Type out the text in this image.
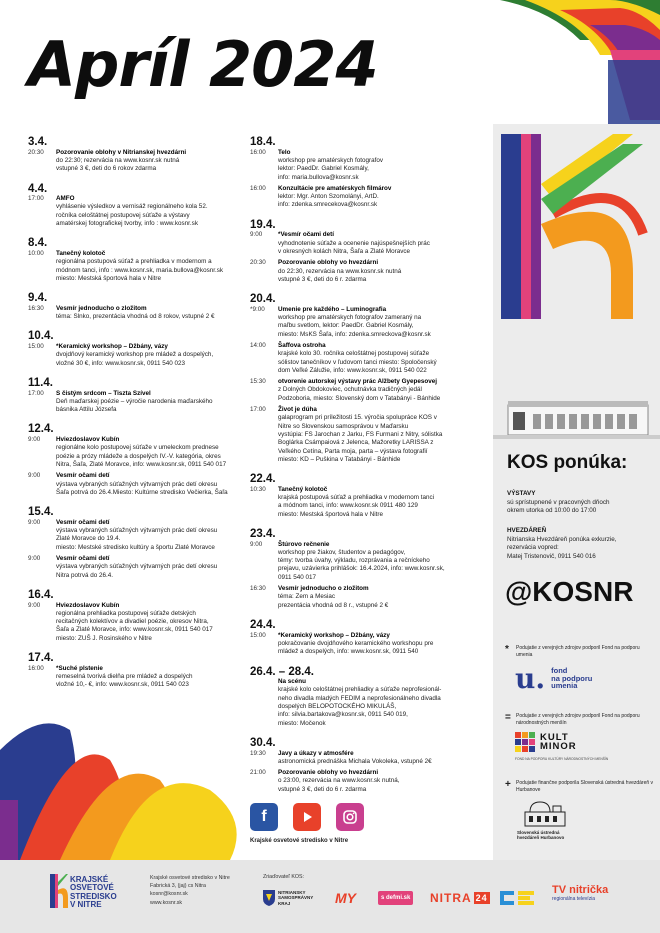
Apríl 2024
3.4.
20:30	Pozorovanie oblohy v Nitrianskej hvezdárni
do 22:30; rezervácia na www.kosnr.sk nutná
vstupné 3 €, deti do 6 rokov zdarma
4.4.
17:00	AMFO
vyhlásenie výsledkov a vernisáž regionálneho kola 52.
ročníka celoštátnej postupovej súťaže a výstavy
amatérskej fotografickej tvorby, info : www.kosnr.sk
8.4.
10:00	Tanečný kolotoč
regionálna postupová súťaž a prehliadka v modernom a
módnom tanci, info : www.kosnr.sk, maria.bullova@kosnr.sk
miesto: Mestská športová hala v Nitre
9.4.
16:30	Vesmír jednoducho o zložitom
téma: Slnko, prezentácia vhodná od 8 rokov, vstupné 2 €
10.4.
15:00	*Keramický workshop – Džbány, vázy
dvojdňový keramický workshop pre mládež a dospelých,
vložné 30 €, info: www.kosnr.sk, 0911 540 023
11.4.
17:00	S čistým srdcom – Tiszta Szível
Deň maďarskej poézie – výročie narodenia maďarského
básnika Attilu Józsefa
12.4.
9:00	Hviezdoslavov Kubín
regionálne kolo postupovej súťaže v umeleckom prednese
poézie a prózy mládeže a dospelých IV.-V. kategória, okres
Nitra, Šaľa, Zlaté Moravce, info: www.kosnr.sk, 0911 540 017
9:00	Vesmír očami detí
výstava vybraných súťažných výtvarných prác detí okresu
Šaľa potrvá do 26.4.Miesto: Kultúrne stredisko Večierka, Šaľa
15.4.
9:00	Vesmír očami detí
výstava vybraných súťažných výtvarných prác detí okresu
Zlaté Moravce do 19.4.
miesto: Mestské stredisko kultúry a športu Zlaté Moravce
9:00	Vesmír očami detí
výstava vybraných súťažných výtvarných prác detí okresu
Nitra potrvá do 26.4.
16.4.
9:00	Hviezdoslavov Kubín
regionálna prehliadka postupovej súťaže detských
recitačných kolektívov a divadiel poézie, okresov Nitra,
Šaľa a Zlaté Moravce, info: www.kosnr.sk, 0911 540 017
miesto: ZUŠ J. Rosinského v Nitre
17.4.
16:00	*Suché plstenie
remeselná tvorivá dielňa pre mládež a dospelých
vložné 10,- €, info: www.kosnr.sk, 0911 540 023
18.4.
16:00	Telo
workshop pre amatérskych fotografov
lektor: PaedDr. Gabriel Kosmály,
info: maria.bullova@kosnr.sk
16:00	Konzultácie pre amatérskych filmárov
lektor: Mgr. Anton Szomolányi, ArtD.
info: zdenka.smrecekova@kosnr.sk
19.4.
9:00	*Vesmír očami detí
vyhodnotenie súťaže a ocenenie najúspešnejších prác
v okresných kolách Nitra, Šaľa a Zlaté Moravce
20:30	Pozorovanie oblohy vo hvezdárni
do 22:30, rezervácia na www.kosnr.sk nutná
vstupné 3 €, deti do 6 r. zdarma
20.4.
*9:00	Umenie pre každého – Luminografia
workshop pre amatérskych fotografov zameraný na
maľbu svetlom, lektor: PaedDr. Gabriel Kosmály,
miesto: MsKS Šaľa, info: zdenka.smreckova@kosnr.sk
14:00	Šaffova ostroha
krajské kolo 30. ročníka celoštátnej postupovej súťaže
sólistov tanečníkov v ľudovom tanci miesto: Spoločenský
dom Veľké Zálužie, info: www.kosnr.sk, 0911 540 022
15:30	otvorenie autorskej výstavy prác Alžbety Gyepesovej
z Dolných Obdokoviec, ochutnávka tradičných jedál
Podzoboria, miesto: Slovenský dom v Tatabányi - Bánhide
17:00	Život je dúha
galaprogram pri príležitosti 15. výročia spolupráce KOS v
Nitre so Slovenskou samosprávou v Maďarsku
vystúpia: FS Jarochan z Jarku, FS Furmani z Nitry, sólistka
Boglárka Csámpaiová z Jelenca, Mažoretky LARISSA z
Veľkého Cetína, Parta moja, parta – výstava fotografií
miesto: KD – Puškina v Tatabányi - Bánhide
22.4.
10:30	Tanečný kolotoč
krajská postupová súťaž a prehliadka v modernom tanci
a módnom tanci, info: www.kosnr.sk 0911 480 129
miesto: Mestská športová hala v Nitre
23.4.
9:00	Štúrovo rečnenie
workshop pre žiakov, študentov a pedagógov,
témy: tvorba úvahy, výkladu, rozprávania a rečníckeho
prejavu, uzávierka prihlášok: 16.4.2024, info: www.kosnr.sk,
0911 540 017
16:30	Vesmír jednoducho o zložitom
téma: Zem a Mesiac
prezentácia vhodná od 8 r., vstupné 2 €
24.4.
15:00	*Keramický workshop – Džbány, vázy
pokračovanie dvojdňového keramického workshopu pre
mládež a dospelých, info: www.kosnr.sk, 0911 540
26.4. – 28.4.
Na scénu
krajské kolo celoštátnej prehliadky a súťaže neprofesionál-
neho divadla mladých FEDIM a neprofesionálneho divadla
dospelých BELOPOTOCKÉHO MIKULÁŠ,
info: silvia.bartakova@kosnr.sk, 0911 540 019,
miesto: Močenok
30.4.
19:30	Javy a úkazy v atmosfére
astronomická prednáška Michala Vokoleka, vstupné 2€
21:00	Pozorovanie oblohy vo hvezdárni
o 23:00, rezervácia na www.kosnr.sk nutná,
vstupné 3 €, deti do 6 r. zdarma
f
Krajské osvetové stredisko v Nitre
KOS ponúka:
VÝSTAVY
sú sprístupnené v pracovných dňoch
okrem utorka od 10:00 do 17:00
HVEZDÁREŇ
Nitrianska Hvezdáreň ponúka exkurzie,
rezervácia vopred:
Matej Tristenovič, 0911 540 016
@KOSNR
*	Podujatie z verejných zdrojov podporil Fond na podporu umenia
u. fond
na podporu
umenia
=	Podujatie z verejných zdrojov podporil Fond na podporu národnostných menšín
KULT
MINOR
FOND NA PODPORU KULTÚRY NÁRODNOSTNÝCH MENŠÍN
+	Podujatie finančne podporila Slovenská ústredná hvezdáreň v Hurbanove
Slovenská ústredná
hvezdáreň Hurbanovo
KRAJSKÉ
OSVETOVÉ
STREDISKO
V NITRE
Krajské osvetové stredisko v Nitre
Fabrická 3, (jaj) cs Nitra
kosnr@kosnr.sk
www.kosnr.sk
Zriaďovateľ KOS:
NITRIANSKY SAMOSPRÁVNY KRAJ	MY	s defmi.sk NITRA 24
TV nitrička
regionálna televízia
